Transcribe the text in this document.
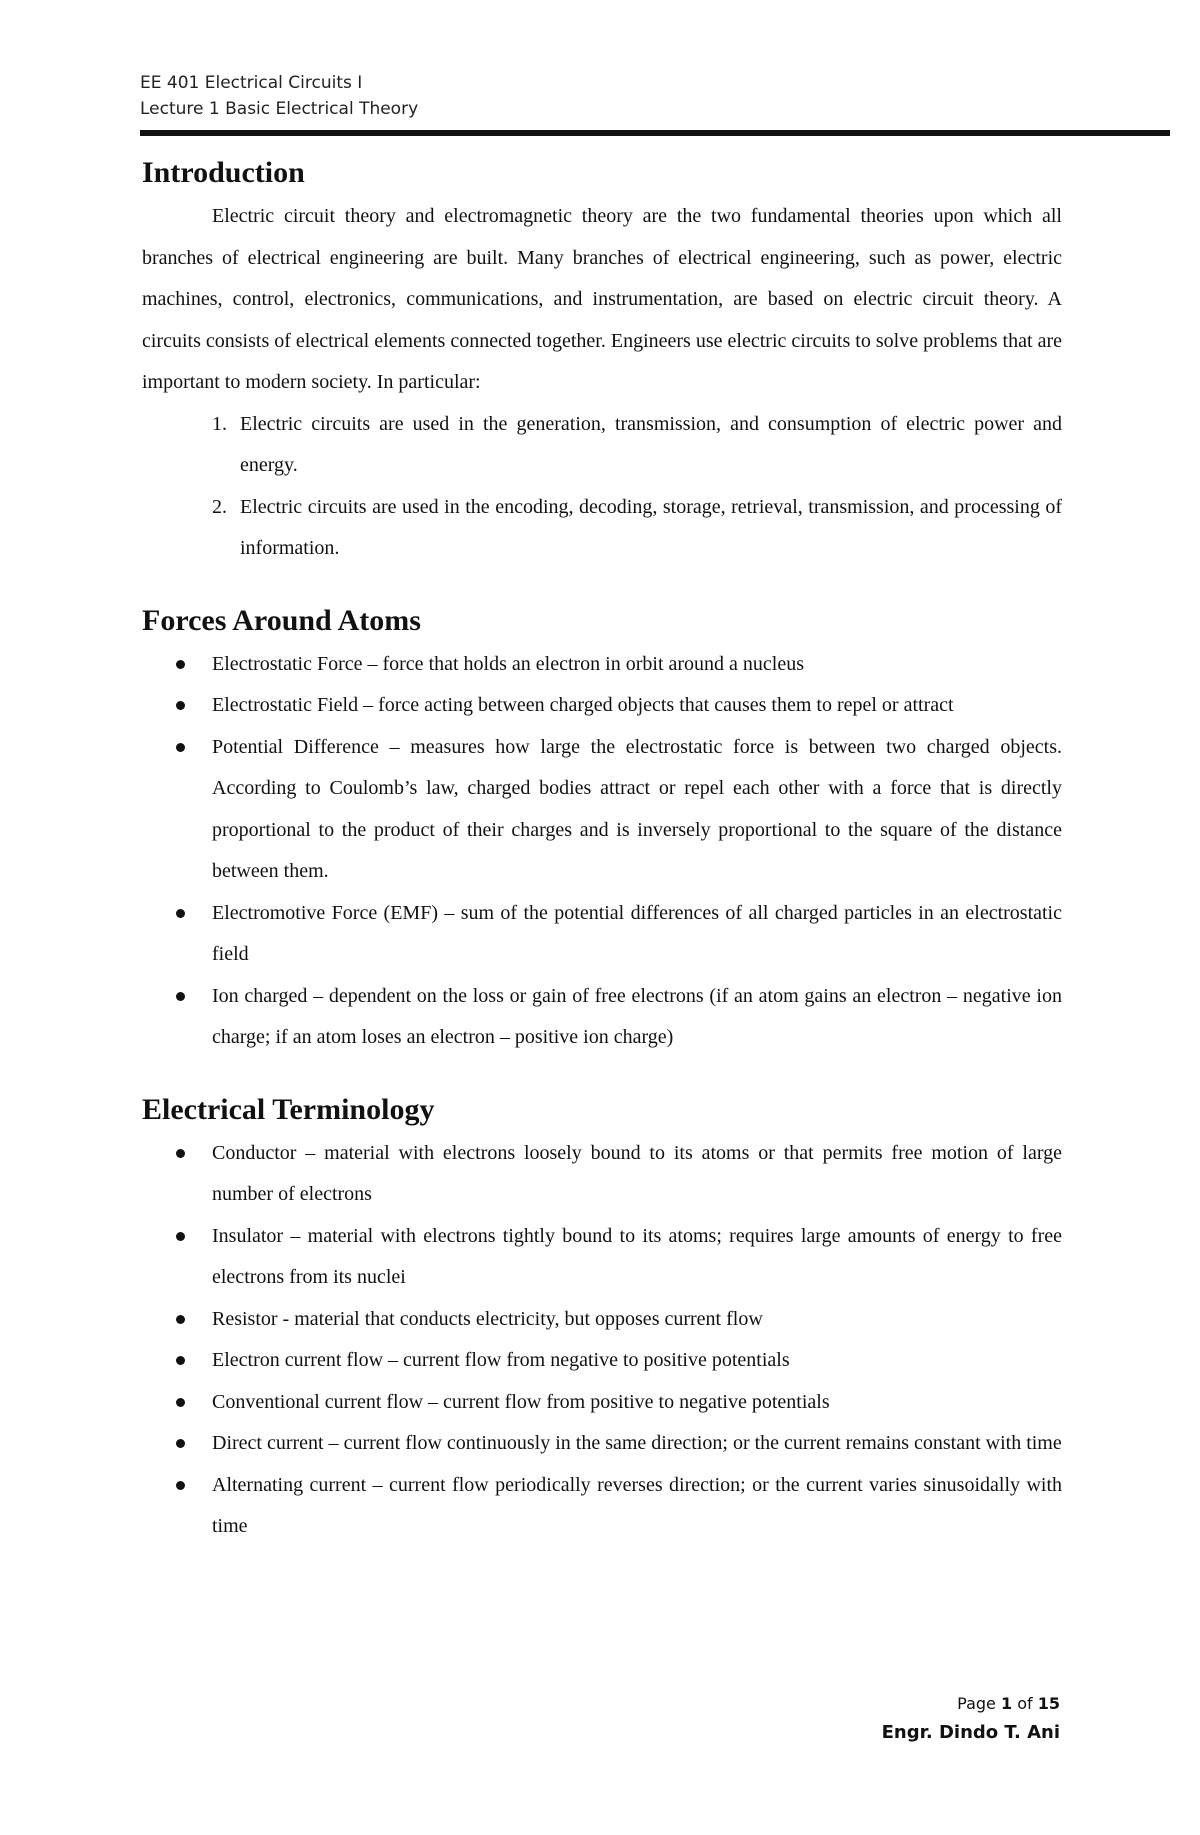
EE 401 Electrical Circuits I
Lecture 1 Basic Electrical Theory
Introduction

Electric circuit theory and electromagnetic theory are the two fundamental theories upon which all branches of electrical engineering are built. Many branches of electrical engineering, such as power, electric machines, control, electronics, communications, and instrumentation, are based on electric circuit theory. A circuits consists of electrical elements connected together. Engineers use electric circuits to solve problems that are important to modern society. In particular:

1. Electric circuits are used in the generation, transmission, and consumption of electric power and energy.
2. Electric circuits are used in the encoding, decoding, storage, retrieval, transmission, and processing of information.
Forces Around Atoms
Electrostatic Force – force that holds an electron in orbit around a nucleus
Electrostatic Field – force acting between charged objects that causes them to repel or attract
Potential Difference – measures how large the electrostatic force is between two charged objects. According to Coulomb’s law, charged bodies attract or repel each other with a force that is directly proportional to the product of their charges and is inversely proportional to the square of the distance between them.
Electromotive Force (EMF) – sum of the potential differences of all charged particles in an electrostatic field
Ion charged – dependent on the loss or gain of free electrons (if an atom gains an electron – negative ion charge; if an atom loses an electron – positive ion charge)
Electrical Terminology
Conductor – material with electrons loosely bound to its atoms or that permits free motion of large number of electrons
Insulator – material with electrons tightly bound to its atoms; requires large amounts of energy to free electrons from its nuclei
Resistor - material that conducts electricity, but opposes current flow
Electron current flow – current flow from negative to positive potentials
Conventional current flow – current flow from positive to negative potentials
Direct current – current flow continuously in the same direction; or the current remains constant with time
Alternating current – current flow periodically reverses direction; or the current varies sinusoidally with time
Page 1 of 15
Engr. Dindo T. Ani
